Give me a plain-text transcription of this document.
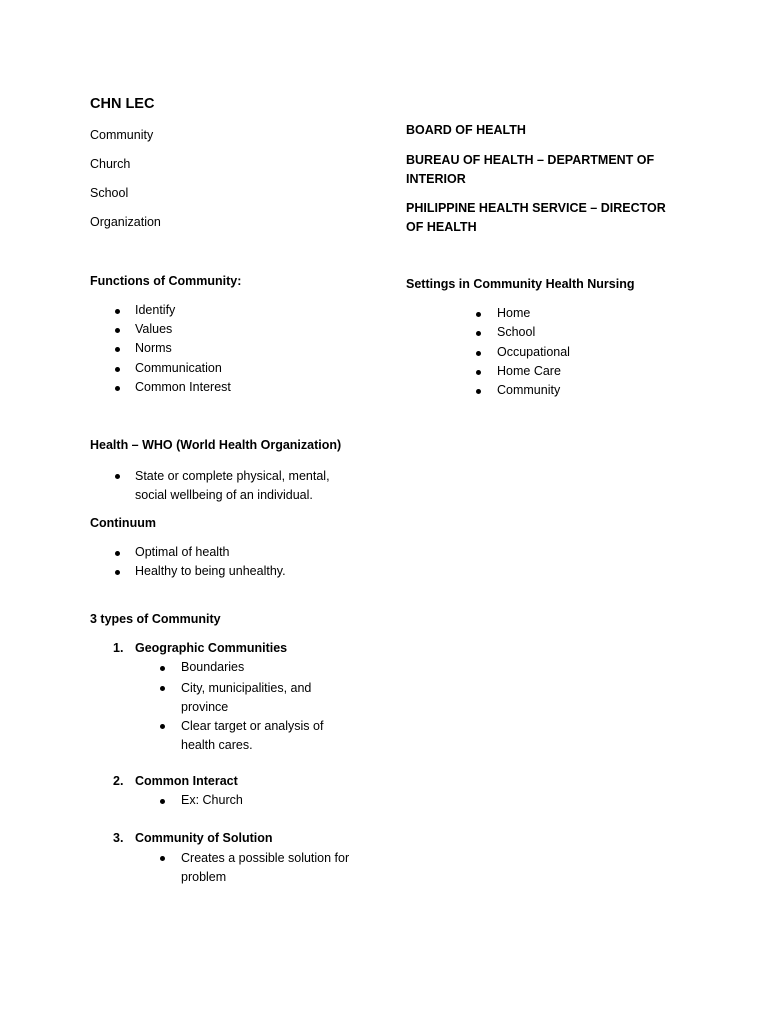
CHN LEC
Community
Church
School
Organization
Functions of Community:
Identify
Values
Norms
Communication
Common Interest
Health – WHO (World Health Organization)
State or complete physical, mental, social wellbeing of an individual.
Continuum
Optimal of health
Healthy to being unhealthy.
3 types of Community
1. Geographic Communities
Boundaries
City, municipalities, and province
Clear target or analysis of health cares.
2. Common Interact
Ex: Church
3. Community of Solution
Creates a possible solution for problem
BOARD OF HEALTH
BUREAU OF HEALTH – DEPARTMENT OF INTERIOR
PHILIPPINE HEALTH SERVICE – DIRECTOR OF HEALTH
Settings in Community Health Nursing
Home
School
Occupational
Home Care
Community
